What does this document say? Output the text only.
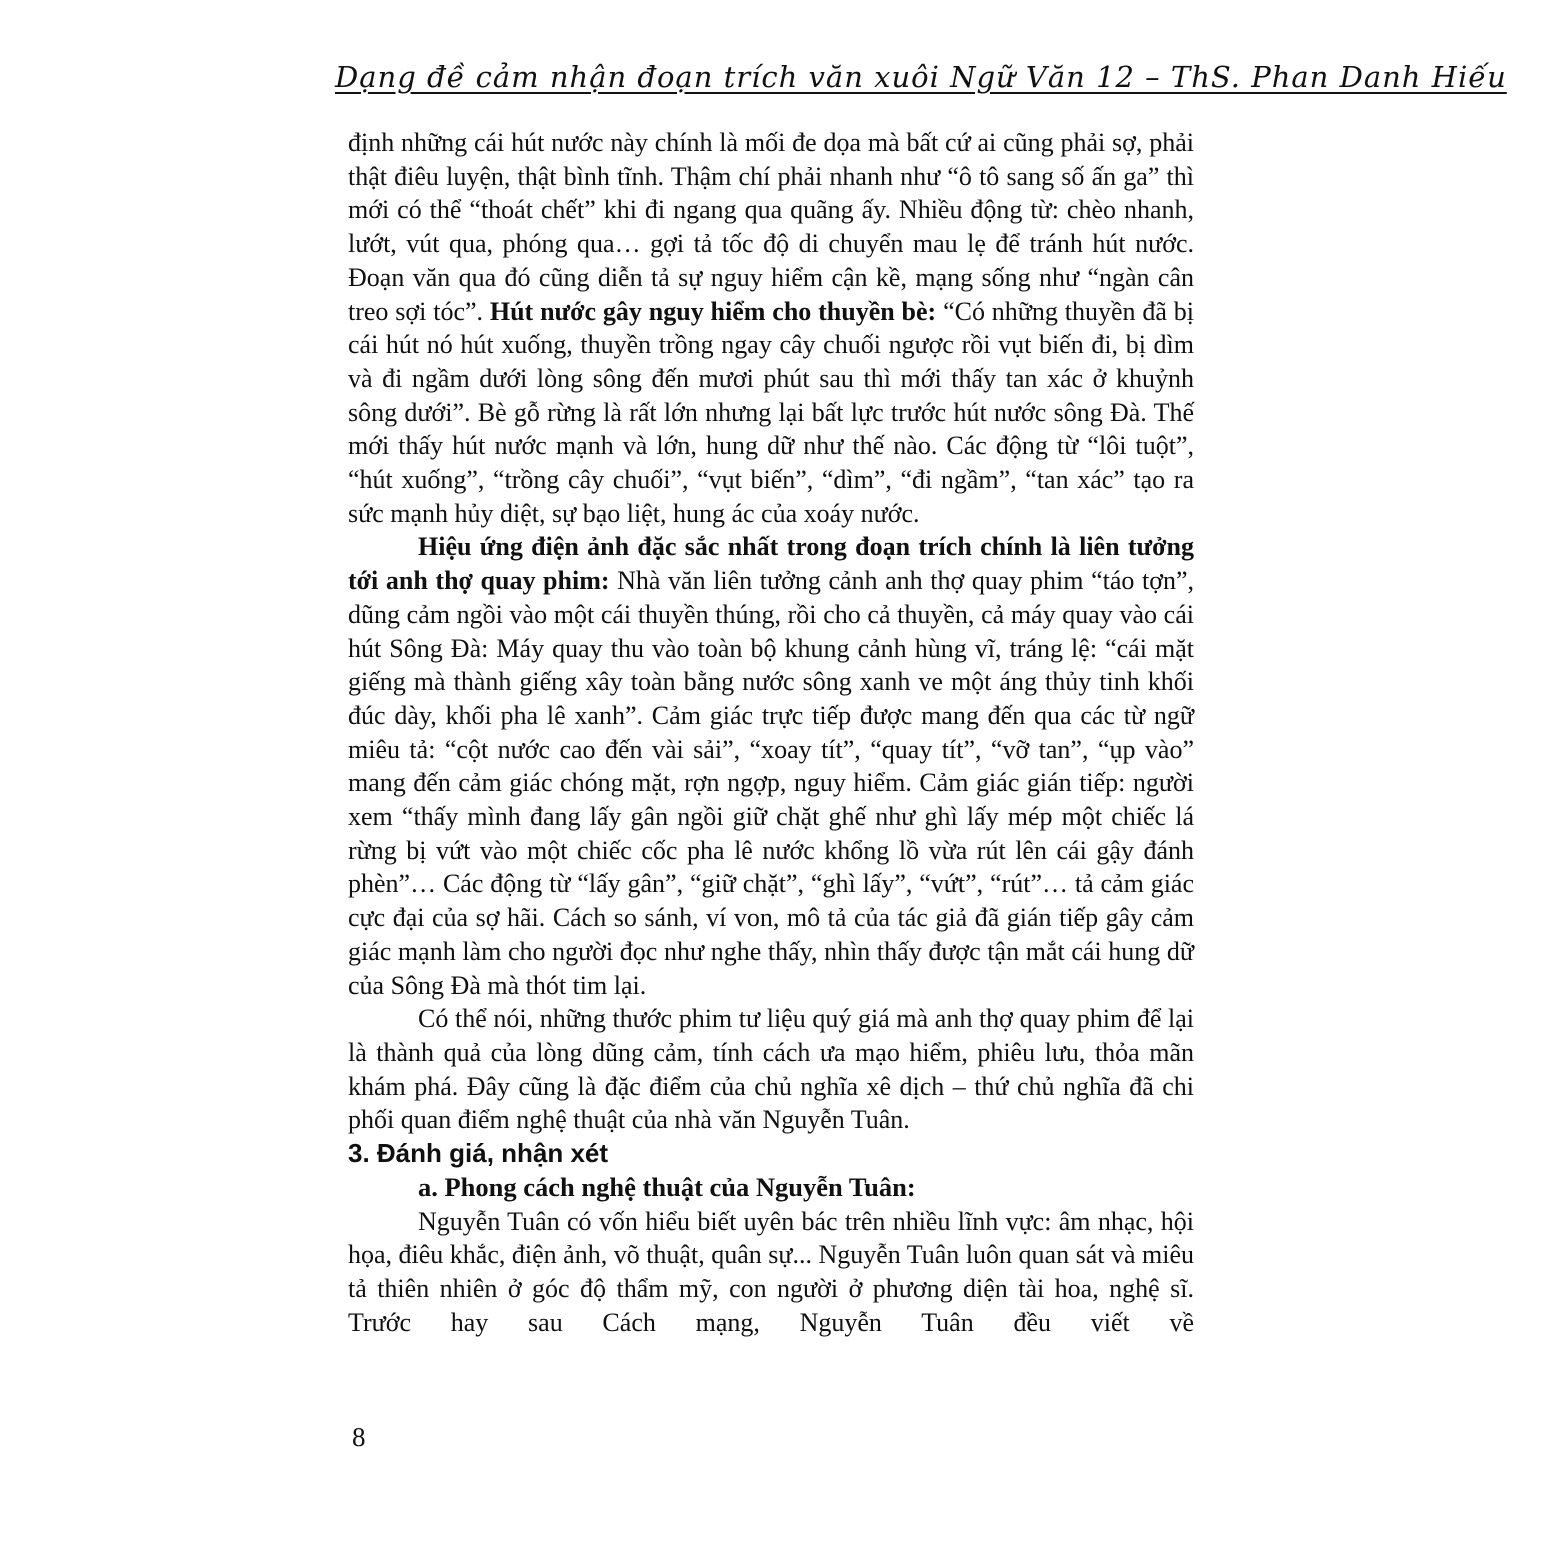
Dạng đề cảm nhận đoạn trích văn xuôi Ngữ Văn 12 – ThS. Phan Danh Hiếu

định những cái hút nước này chính là mối đe dọa mà bất cứ ai cũng phải sợ, phải thật điêu luyện, thật bình tĩnh. Thậm chí phải nhanh như “ô tô sang số ấn ga” thì mới có thể “thoát chết” khi đi ngang qua quãng ấy. Nhiều động từ: chèo nhanh, lướt, vút qua, phóng qua… gợi tả tốc độ di chuyển mau lẹ để tránh hút nước. Đoạn văn qua đó cũng diễn tả sự nguy hiểm cận kề, mạng sống như “ngàn cân treo sợi tóc”. Hút nước gây nguy hiểm cho thuyền bè: “Có những thuyền đã bị cái hút nó hút xuống, thuyền trồng ngay cây chuối ngược rồi vụt biến đi, bị dìm và đi ngầm dưới lòng sông đến mươi phút sau thì mới thấy tan xác ở khuỷnh sông dưới”. Bè gỗ rừng là rất lớn nhưng lại bất lực trước hút nước sông Đà. Thế mới thấy hút nước mạnh và lớn, hung dữ như thế nào. Các động từ “lôi tuột”, “hút xuống”, “trồng cây chuối”, “vụt biến”, “dìm”, “đi ngầm”, “tan xác” tạo ra sức mạnh hủy diệt, sự bạo liệt, hung ác của xoáy nước.

Hiệu ứng điện ảnh đặc sắc nhất trong đoạn trích chính là liên tưởng tới anh thợ quay phim: Nhà văn liên tưởng cảnh anh thợ quay phim “táo tợn”, dũng cảm ngồi vào một cái thuyền thúng, rồi cho cả thuyền, cả máy quay vào cái hút Sông Đà: Máy quay thu vào toàn bộ khung cảnh hùng vĩ, tráng lệ: “cái mặt giếng mà thành giếng xây toàn bằng nước sông xanh ve một áng thủy tinh khối đúc dày, khối pha lê xanh”. Cảm giác trực tiếp được mang đến qua các từ ngữ miêu tả: “cột nước cao đến vài sải”, “xoay tít”, “quay tít”, “vỡ tan”, “ụp vào” mang đến cảm giác chóng mặt, rợn ngợp, nguy hiểm. Cảm giác gián tiếp: người xem “thấy mình đang lấy gân ngồi giữ chặt ghế như ghì lấy mép một chiếc lá rừng bị vứt vào một chiếc cốc pha lê nước khổng lồ vừa rút lên cái gậy đánh phèn”… Các động từ “lấy gân”, “giữ chặt”, “ghì lấy”, “vứt”, “rút”… tả cảm giác cực đại của sợ hãi. Cách so sánh, ví von, mô tả của tác giả đã gián tiếp gây cảm giác mạnh làm cho người đọc như nghe thấy, nhìn thấy được tận mắt cái hung dữ của Sông Đà mà thót tim lại.

Có thể nói, những thước phim tư liệu quý giá mà anh thợ quay phim để lại là thành quả của lòng dũng cảm, tính cách ưa mạo hiểm, phiêu lưu, thỏa mãn khám phá. Đây cũng là đặc điểm của chủ nghĩa xê dịch – thứ chủ nghĩa đã chi phối quan điểm nghệ thuật của nhà văn Nguyễn Tuân.

3. Đánh giá, nhận xét
a. Phong cách nghệ thuật của Nguyễn Tuân:

Nguyễn Tuân có vốn hiểu biết uyên bác trên nhiều lĩnh vực: âm nhạc, hội họa, điêu khắc, điện ảnh, võ thuật, quân sự... Nguyễn Tuân luôn quan sát và miêu tả thiên nhiên ở góc độ thẩm mỹ, con người ở phương diện tài hoa, nghệ sĩ. Trước hay sau Cách mạng, Nguyễn Tuân đều viết về

8
